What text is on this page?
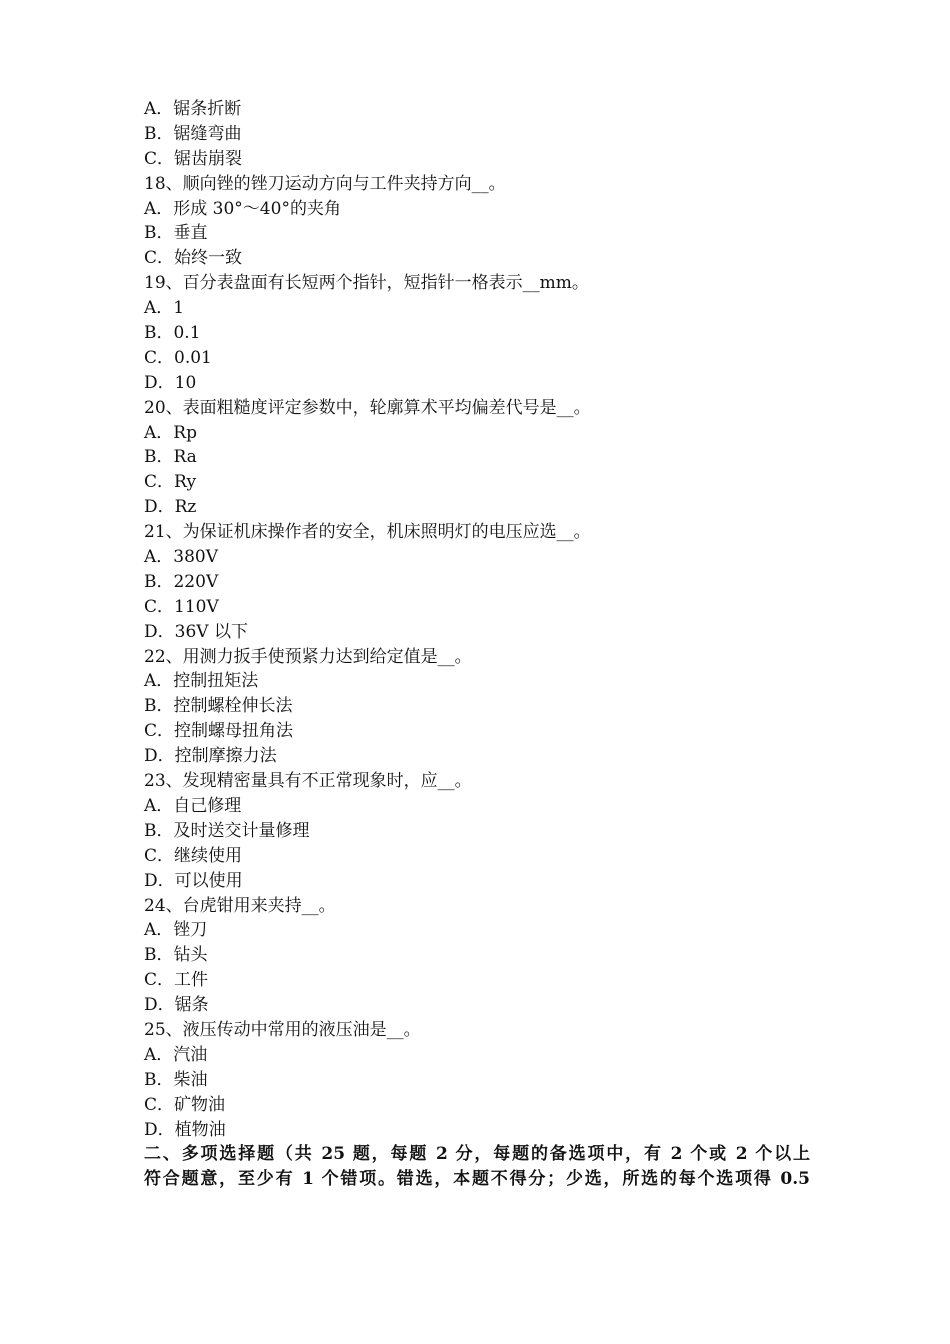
A．锯条折断
B．锯缝弯曲
C．锯齿崩裂
18、顺向锉的锉刀运动方向与工件夹持方向__。
A．形成 30°～40°的夹角
B．垂直
C．始终一致
19、百分表盘面有长短两个指针，短指针一格表示__mm。
A．1
B．0.1
C．0.01
D．10
20、表面粗糙度评定参数中，轮廓算术平均偏差代号是__。
A．Rp
B．Ra
C．Ry
D．Rz
21、为保证机床操作者的安全，机床照明灯的电压应选__。
A．380V
B．220V
C．110V
D．36V 以下
22、用测力扳手使预紧力达到给定值是__。
A．控制扭矩法
B．控制螺栓伸长法
C．控制螺母扭角法
D．控制摩擦力法
23、发现精密量具有不正常现象时，应__。
A．自己修理
B．及时送交计量修理
C．继续使用
D．可以使用
24、台虎钳用来夹持__。
A．锉刀
B．钻头
C．工件
D．锯条
25、液压传动中常用的液压油是__。
A．汽油
B．柴油
C．矿物油
D．植物油
二、多项选择题（共 25 题，每题 2 分，每题的备选项中，有 2 个或 2 个以上
符合题意，至少有 1 个错项。错选，本题不得分；少选，所选的每个选项得 0.5
